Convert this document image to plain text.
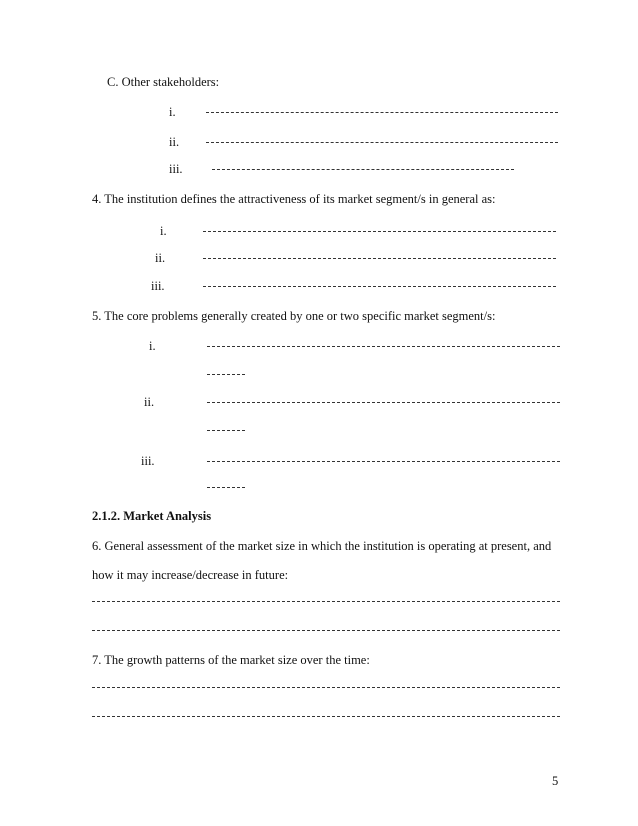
C. Other stakeholders:
i.
ii.
iii.
4. The institution defines the attractiveness of its market segment/s in general as:
i.
ii.
iii.
5. The core problems generally created by one or two specific market segment/s:
i.
ii.
iii.
2.1.2. Market Analysis
6. General assessment of the market size in which the institution is operating at present, and
how it may increase/decrease in future:
7. The growth patterns of the market size over the time:
5
